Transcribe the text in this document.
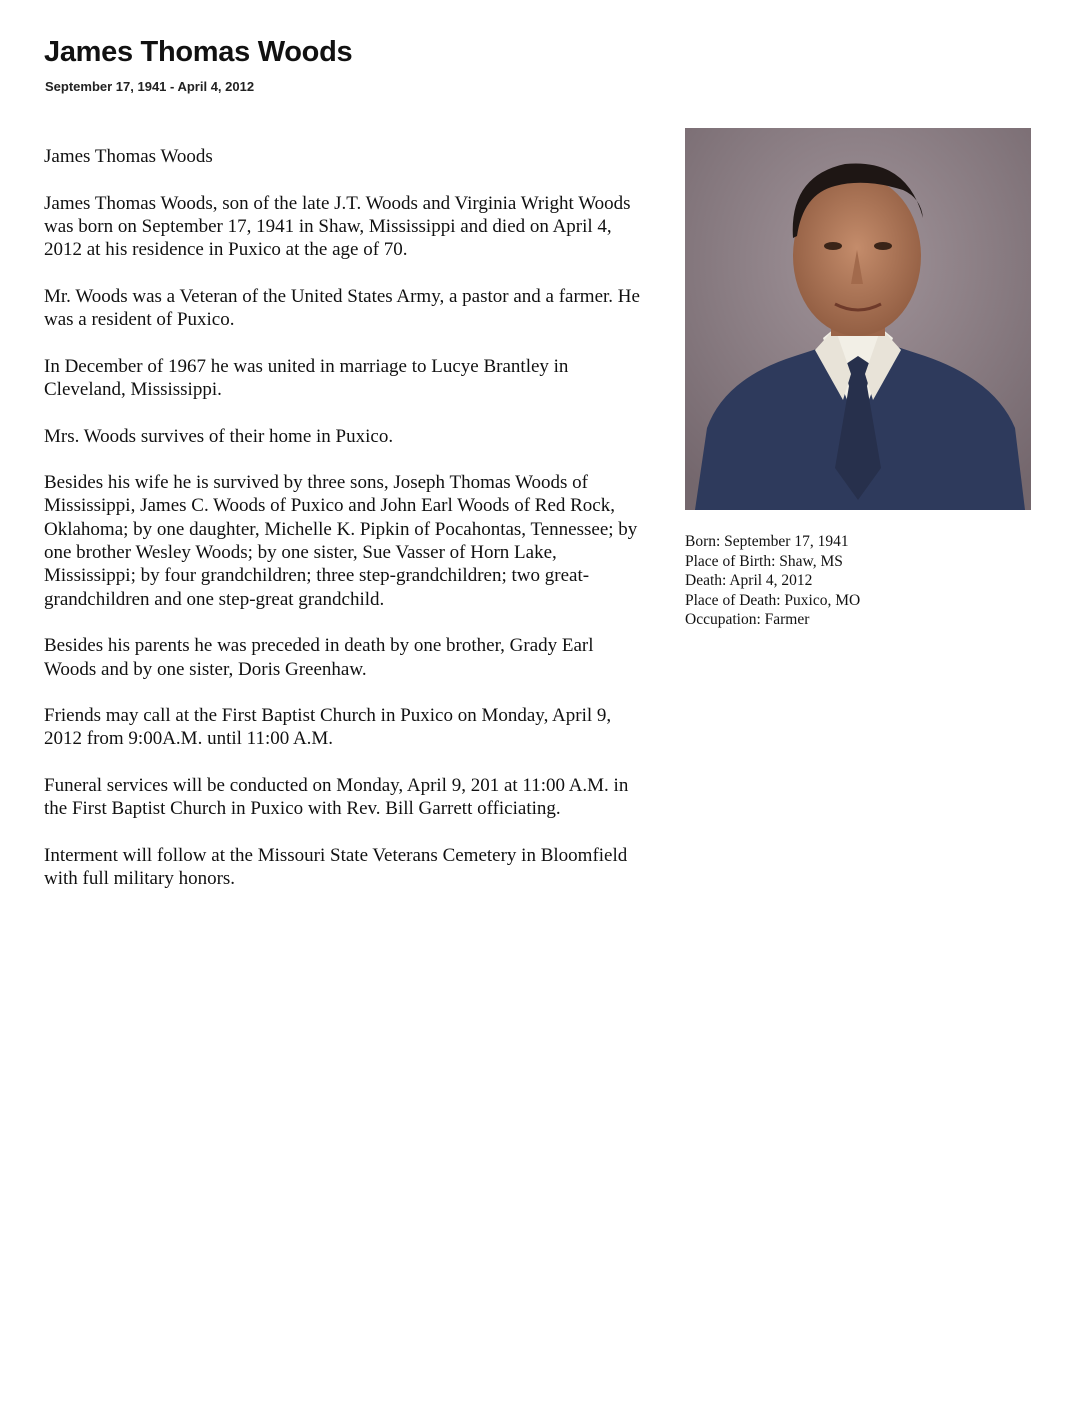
James Thomas Woods
September 17, 1941 - April 4, 2012

James Thomas Woods

James Thomas Woods, son of the late J.T. Woods and Virginia Wright Woods was born on September 17, 1941 in Shaw, Mississippi and died on April 4, 2012 at his residence in Puxico at the age of 70.

Mr. Woods was a Veteran of the United States Army, a pastor and a farmer. He was a resident of Puxico.

In December of 1967 he was united in marriage to Lucye Brantley in Cleveland, Mississippi.

Mrs. Woods survives of their home in Puxico.

Besides his wife he is survived by three sons, Joseph Thomas Woods of Mississippi, James C. Woods of Puxico and John Earl Woods of Red Rock, Oklahoma; by one daughter, Michelle K. Pipkin of Pocahontas, Tennessee; by one brother Wesley Woods; by one sister, Sue Vasser of Horn Lake, Mississippi; by four grandchildren; three step-grandchildren; two great-grandchildren and one step-great grandchild.

Besides his parents he was preceded in death by one brother, Grady Earl Woods and by one sister, Doris Greenhaw.

Friends may call at the First Baptist Church in Puxico on Monday, April 9, 2012 from 9:00A.M. until 11:00 A.M.

Funeral services will be conducted on Monday, April 9, 201 at 11:00 A.M. in the First Baptist Church in Puxico with Rev. Bill Garrett officiating.

Interment will follow at the Missouri State Veterans Cemetery in Bloomfield with full military honors.

Born: September 17, 1941
Place of Birth: Shaw, MS
Death: April 4, 2012
Place of Death: Puxico, MO
Occupation: Farmer
